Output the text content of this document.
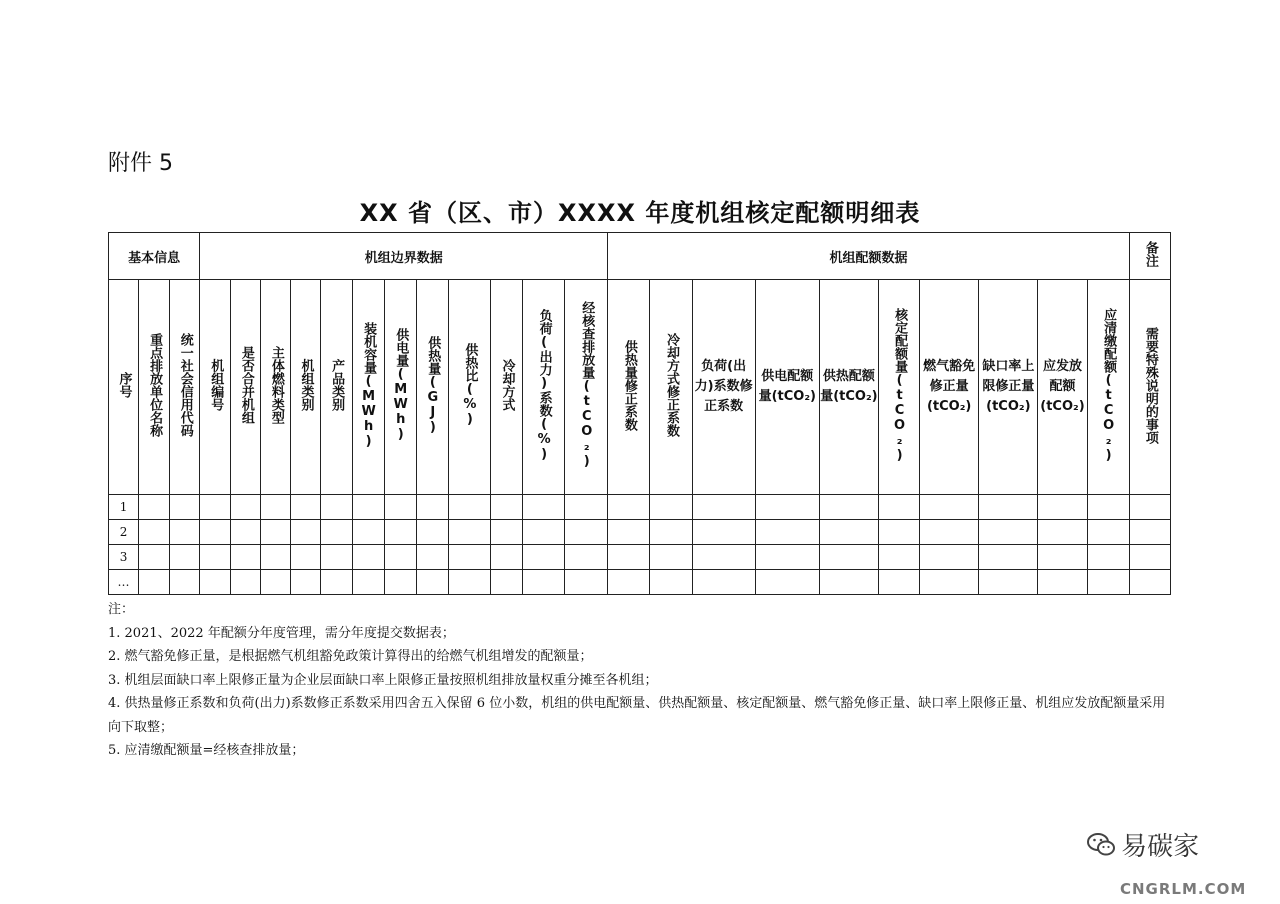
附件 5
XX 省（区、市）XXXX 年度机组核定配额明细表
基本信息			机组边界数据												机组配额数据										备注
序号	重点排放单位名称	统一社会信用代码	机组编号	是否合并机组	主体燃料类型	机组类别	产品类别	装机容量(MWh)	供电量(MWh)	供热量(GJ)	供热比(%)	冷却方式	负荷(出力)系数(%)	经核查排放量(tCO₂)	供热量修正系数	冷却方式修正系数	负荷(出力)系数修正系数	供电配额量(tCO₂)	供热配额量(tCO₂)	核定配额量(tCO₂)	燃气豁免修正量(tCO₂)	缺口率上限修正量(tCO₂)	应发放配额(tCO₂)	应清缴配额(tCO₂)	需要特殊说明的事项
1																									
2																									
3																									
…																									

注：

1. 2021、2022 年配额分年度管理，需分年度提交数据表；

2. 燃气豁免修正量，是根据燃气机组豁免政策计算得出的给燃气机组增发的配额量；

3. 机组层面缺口率上限修正量为企业层面缺口率上限修正量按照机组排放量权重分摊至各机组；

4. 供热量修正系数和负荷(出力)系数修正系数采用四舍五入保留 6 位小数，机组的供电配额量、供热配额量、核定配额量、燃气豁免修正量、缺口率上限修正量、机组应发放配额量采用向下取整；

5. 应清缴配额量=经核查排放量；

易碳家
CNGRLM.COM
